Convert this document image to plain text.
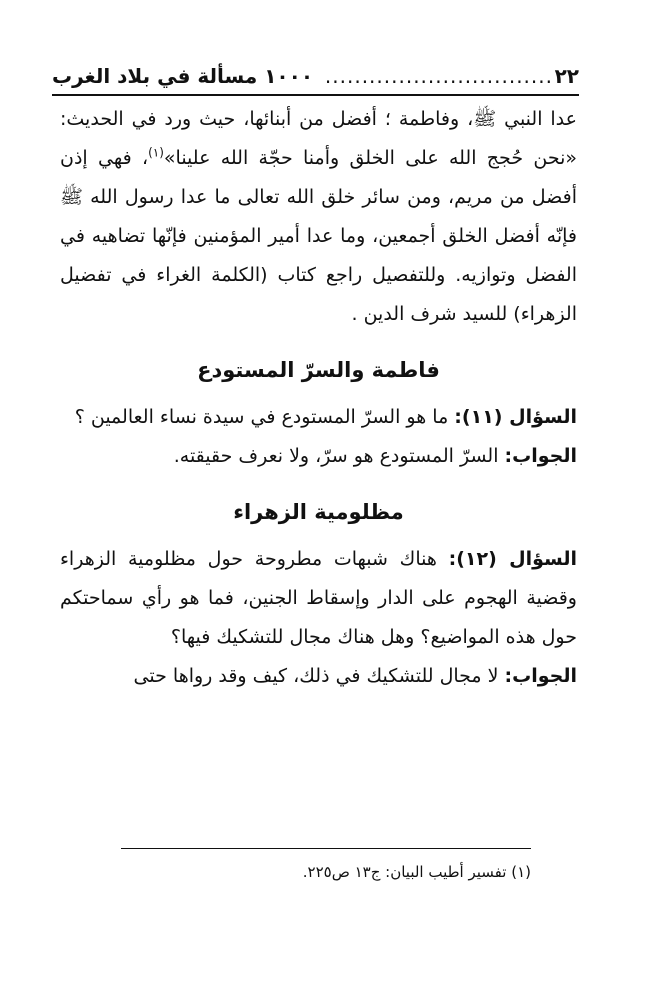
٢٢
...............................
١٠٠٠ مسألة في بلاد الغرب

عدا النبي ﷺ، وفاطمة ؛ أفضل من أبنائها، حيث ورد في الحديث: «نحن حُجج الله على الخلق وأمنا حجّة الله علينا»$^{(١)}$، فهي إذن أفضل من مريم، ومن سائر خلق الله تعالى ما عدا رسول الله ﷺ فإنّه أفضل الخلق أجمعين، وما عدا أمير المؤمنين فإنّها تضاهيه في الفضل وتوازيه. وللتفصيل راجع كتاب (الكلمة الغراء في تفضيل الزهراء) للسيد شرف الدين .

فاطمة والسرّ المستودع

السؤال (١١): ما هو السرّ المستودع في سيدة نساء العالمين ؟

الجواب: السرّ المستودع هو سرّ، ولا نعرف حقيقته.

مظلومية الزهراء

السؤال (١٢): هناك شبهات مطروحة حول مظلومية الزهراء وقضية الهجوم على الدار وإسقاط الجنين، فما هو رأي سماحتكم حول هذه المواضيع؟ وهل هناك مجال للتشكيك فيها؟

الجواب: لا مجال للتشكيك في ذلك، كيف وقد رواها حتى

(١) تفسير أطيب البيان: ج١٣ ص٢٢٥.
